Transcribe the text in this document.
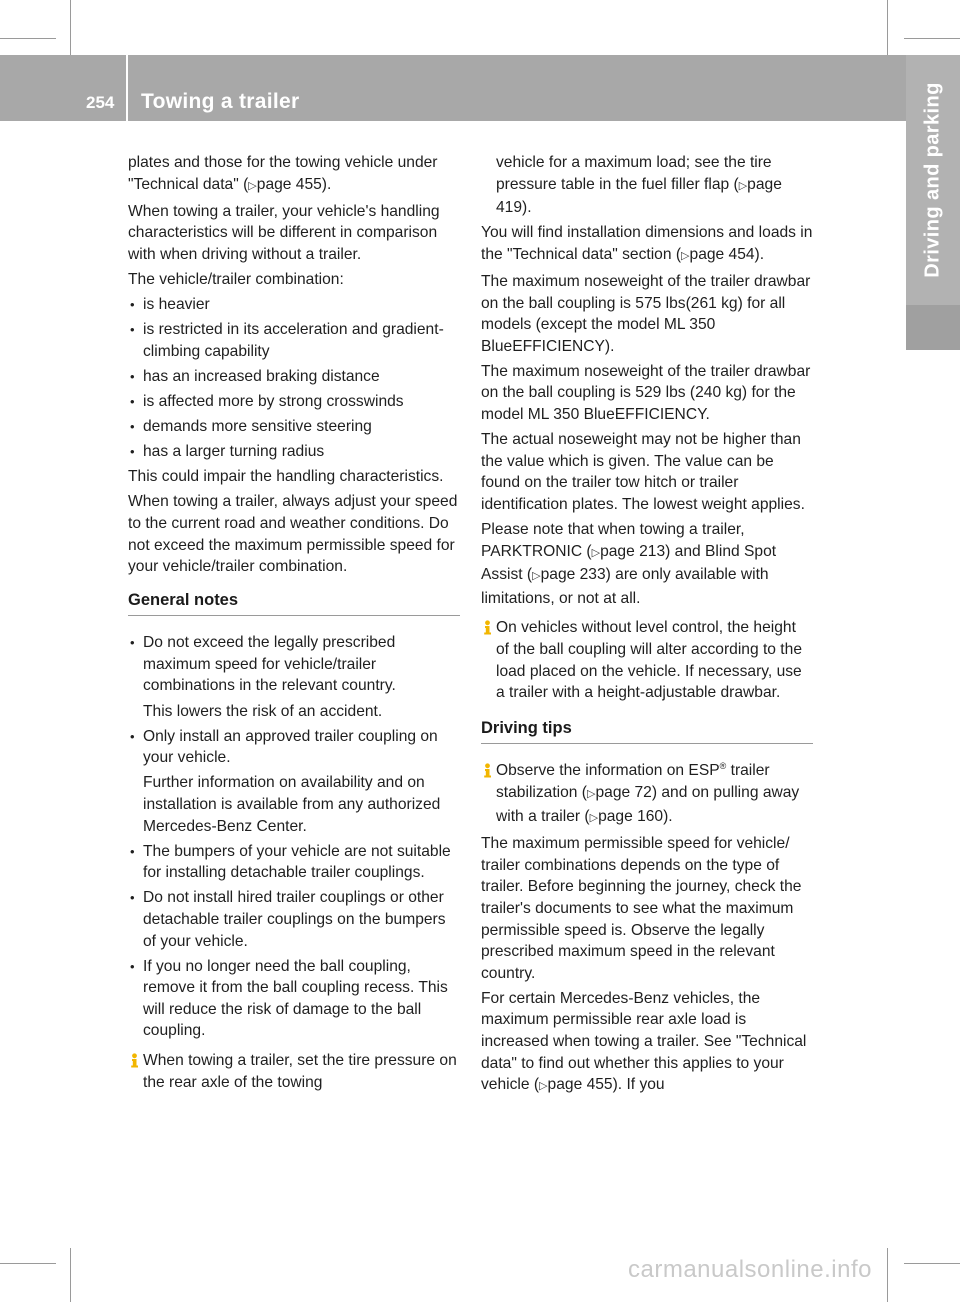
254 Towing a trailer	Driving and parking

plates and those for the towing vehicle under "Technical data" (▷page 455).

When towing a trailer, your vehicle's handling characteristics will be different in comparison with when driving without a trailer.

The vehicle/trailer combination:

• is heavier
• is restricted in its acceleration and gradient-climbing capability
• has an increased braking distance
• is affected more by strong crosswinds
• demands more sensitive steering
• has a larger turning radius

This could impair the handling characteristics.

When towing a trailer, always adjust your speed to the current road and weather conditions. Do not exceed the maximum permissible speed for your vehicle/trailer combination.

General notes
• Do not exceed the legally prescribed maximum speed for vehicle/trailer combinations in the relevant country.
This lowers the risk of an accident.
• Only install an approved trailer coupling on your vehicle.
Further information on availability and on installation is available from any authorized Mercedes-Benz Center.
• The bumpers of your vehicle are not suitable for installing detachable trailer couplings.
• Do not install hired trailer couplings or other detachable trailer couplings on the bumpers of your vehicle.
• If you no longer need the ball coupling, remove it from the ball coupling recess. This will reduce the risk of damage to the ball coupling.
When towing a trailer, set the tire pressure on the rear axle of the towing
vehicle for a maximum load; see the tire pressure table in the fuel filler flap (▷page 419).

You will find installation dimensions and loads in the "Technical data" section (▷page 454).

The maximum noseweight of the trailer drawbar on the ball coupling is 575 lbs(261 kg) for all models (except the model ML 350 BlueEFFICIENCY).

The maximum noseweight of the trailer drawbar on the ball coupling is 529 lbs (240 kg) for the model ML 350 BlueEFFICIENCY.

The actual noseweight may not be higher than the value which is given. The value can be found on the trailer tow hitch or trailer identification plates. The lowest weight applies.

Please note that when towing a trailer, PARKTRONIC (▷page 213) and Blind Spot Assist (▷page 233) are only available with limitations, or not at all.

On vehicles without level control, the height of the ball coupling will alter according to the load placed on the vehicle. If necessary, use a trailer with a height-adjustable drawbar.
Driving tips
Observe the information on ESP® trailer stabilization (▷page 72) and on pulling away with a trailer (▷page 160).

The maximum permissible speed for vehicle/ trailer combinations depends on the type of trailer. Before beginning the journey, check the trailer's documents to see what the maximum permissible speed is. Observe the legally prescribed maximum speed in the relevant country.

For certain Mercedes-Benz vehicles, the maximum permissible rear axle load is increased when towing a trailer. See "Technical data" to find out whether this applies to your vehicle (▷page 455). If you

carmanualsonline.info
